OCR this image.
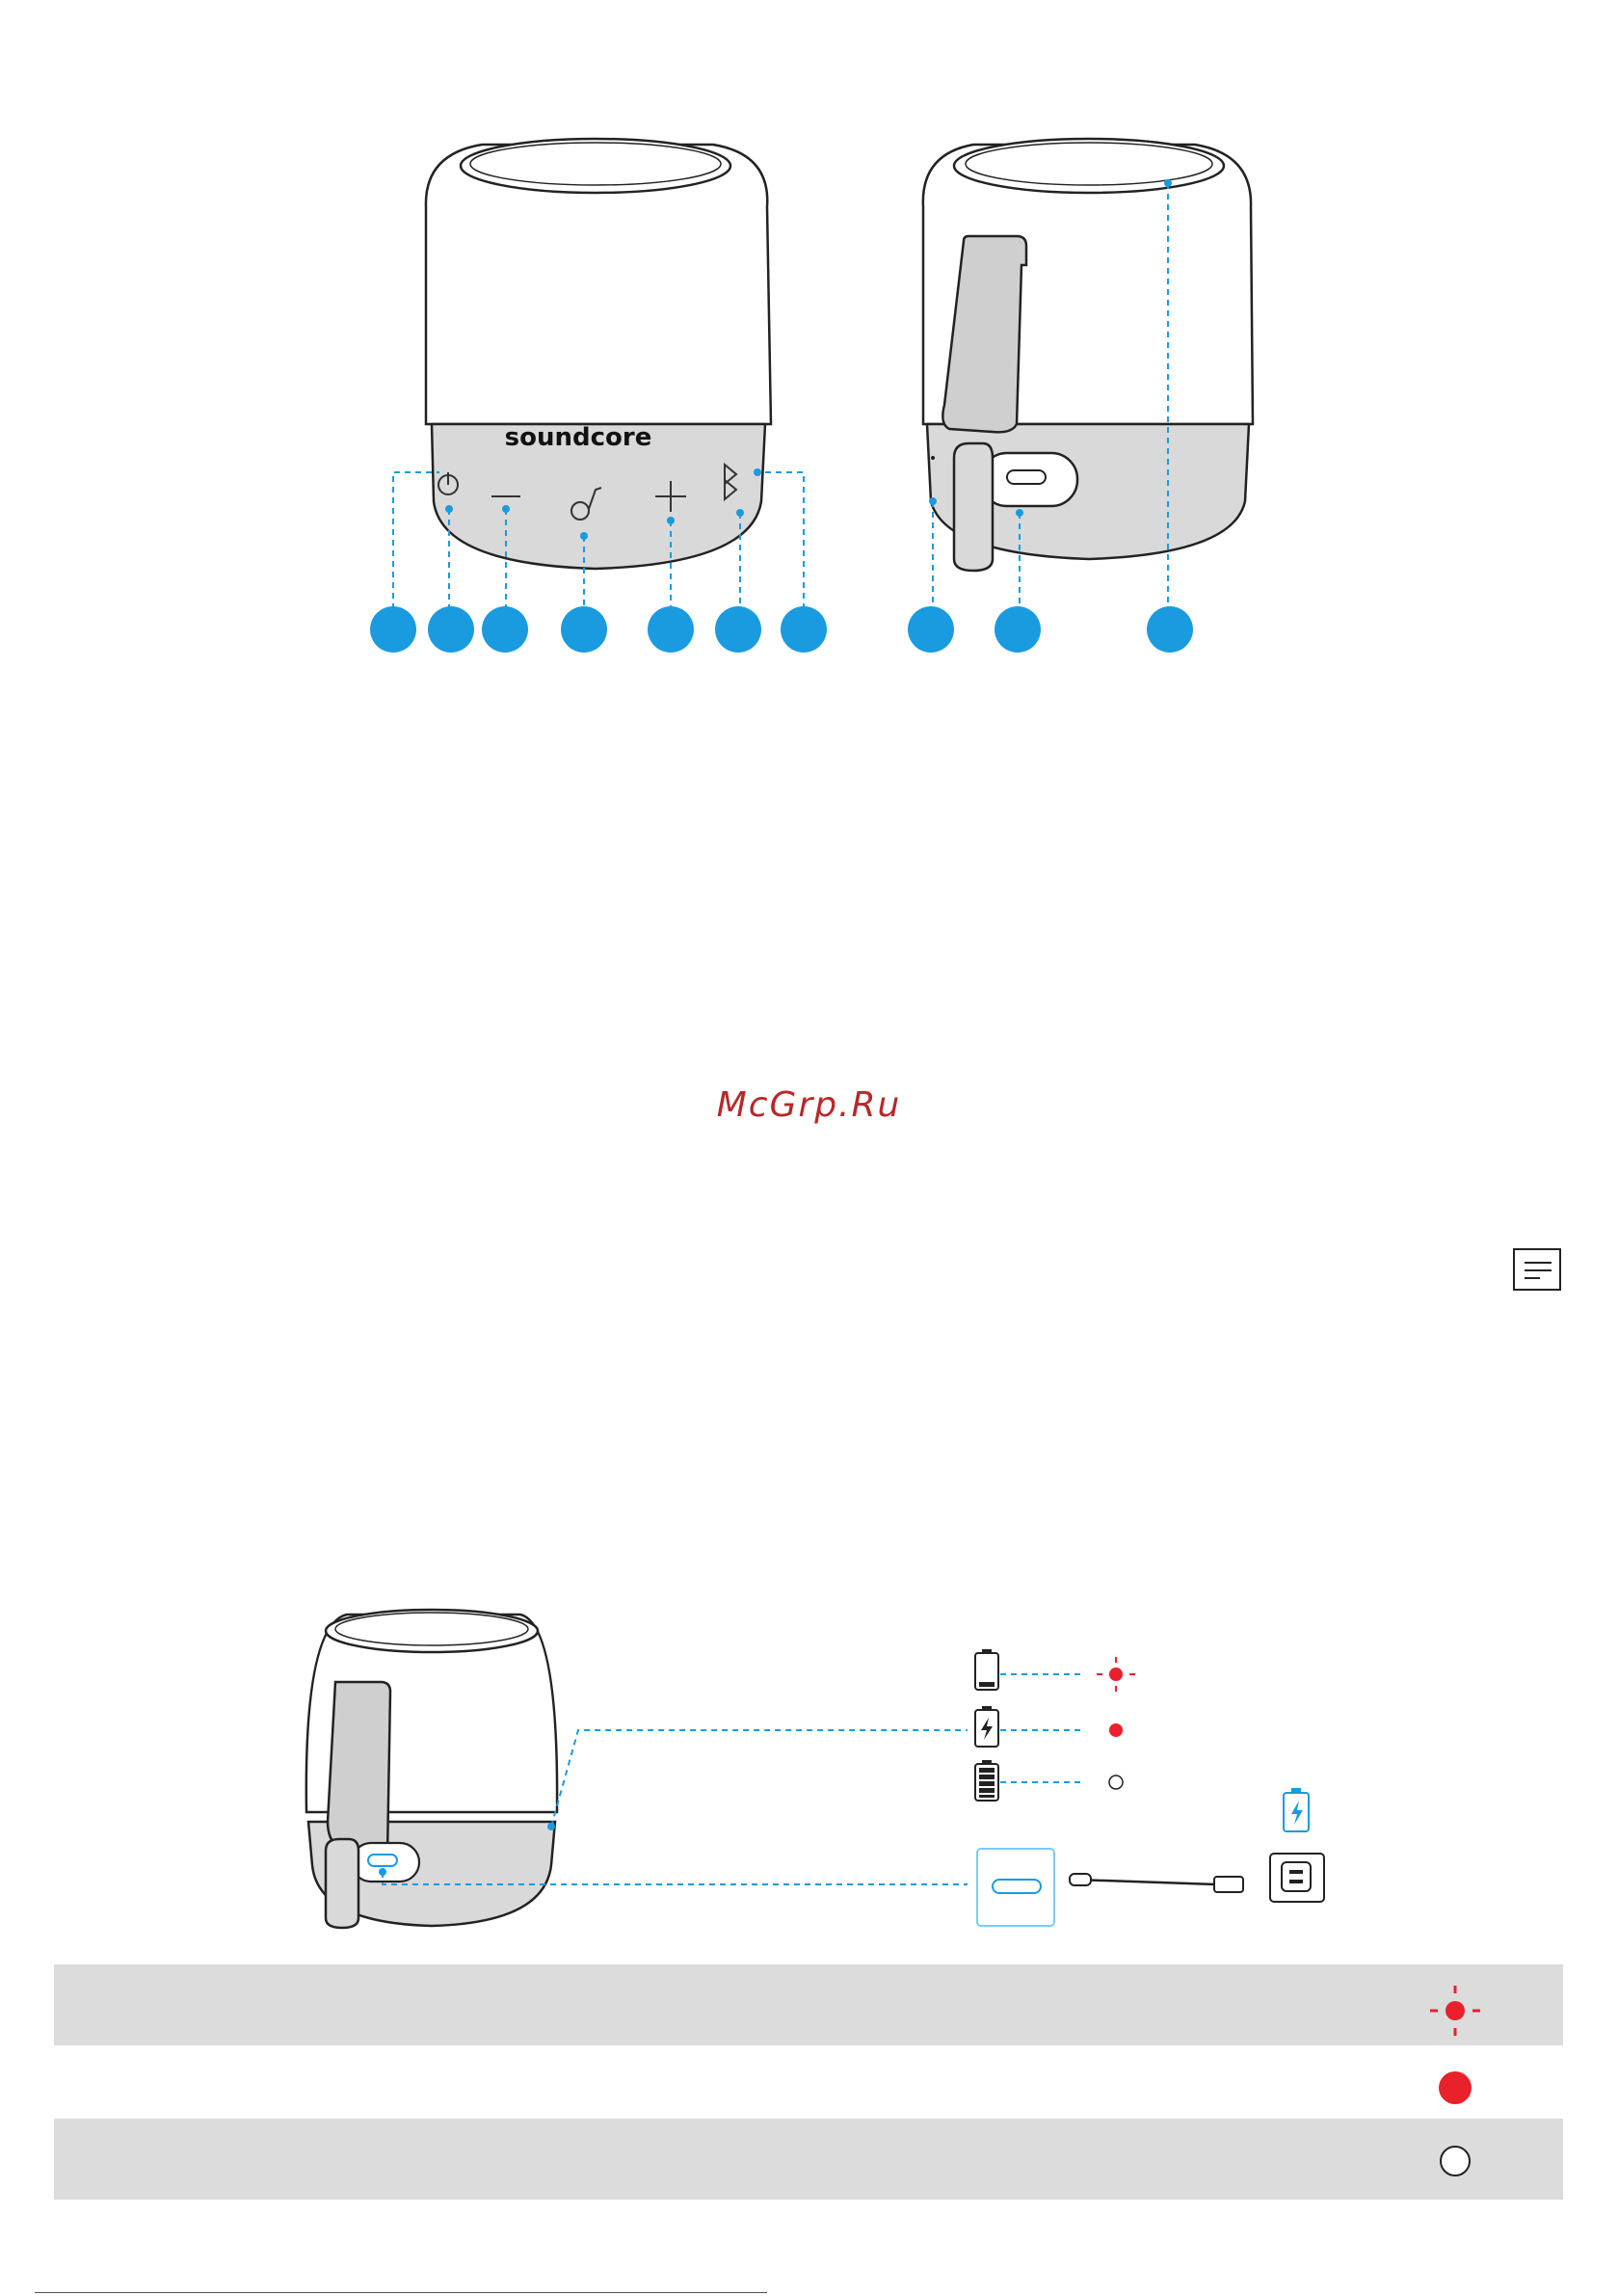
soundcore
McGrp.Ru
